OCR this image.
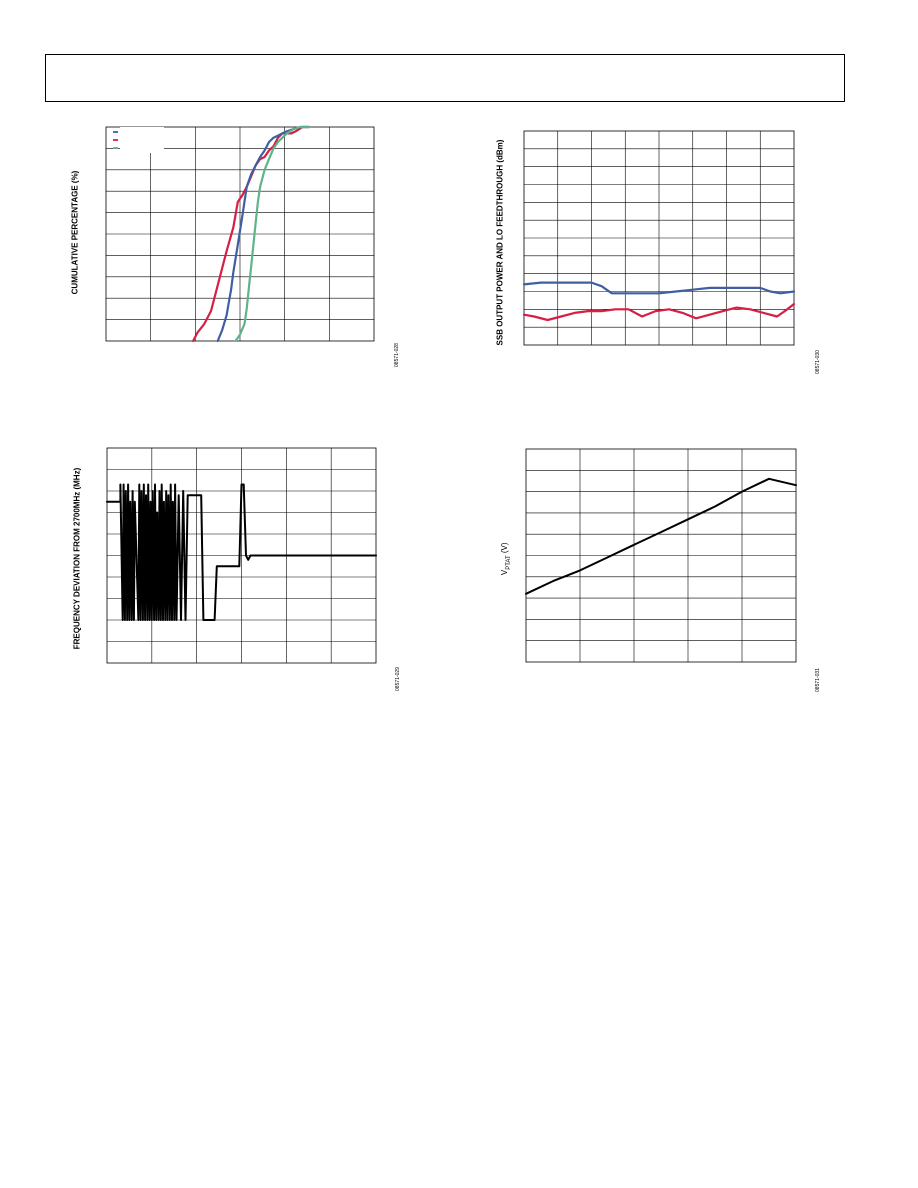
CUMULATIVE PERCENTAGE (%)
08571-028
SSB OUTPUT POWER AND LO FEEDTHROUGH (dBm)
08571-030
FREQUENCY DEVIATION FROM 2700MHz (MHz)
08571-029
$V_{PTAT}$ (V)
08571-031
